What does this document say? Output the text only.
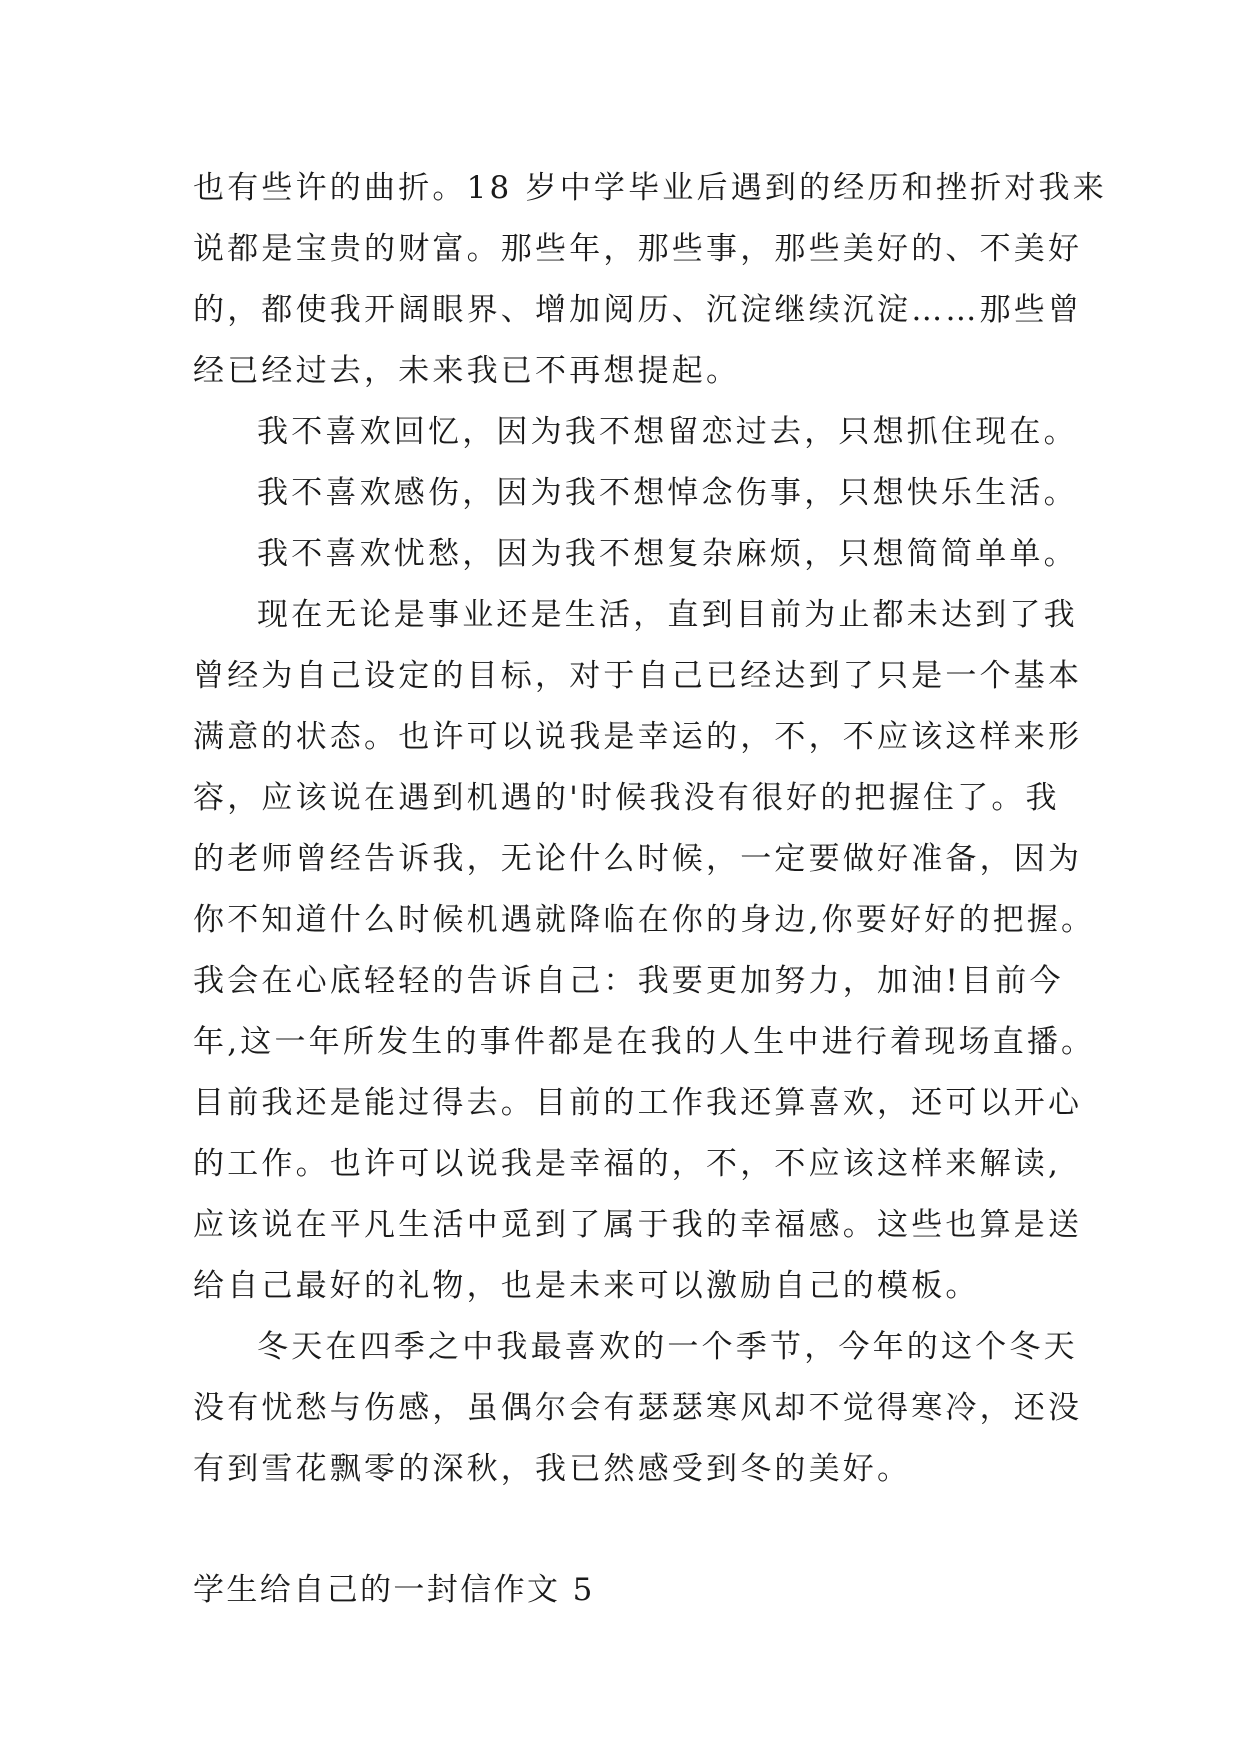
也有些许的曲折。18 岁中学毕业后遇到的经历和挫折对我来
说都是宝贵的财富。那些年，那些事，那些美好的、不美好
的，都使我开阔眼界、增加阅历、沉淀继续沉淀……那些曾
经已经过去，未来我已不再想提起。
我不喜欢回忆，因为我不想留恋过去，只想抓住现在。
我不喜欢感伤，因为我不想悼念伤事，只想快乐生活。
我不喜欢忧愁，因为我不想复杂麻烦，只想简简单单。
现在无论是事业还是生活，直到目前为止都未达到了我
曾经为自己设定的目标，对于自己已经达到了只是一个基本
满意的状态。也许可以说我是幸运的，不，不应该这样来形
容，应该说在遇到机遇的'时候我没有很好的把握住了。我
的老师曾经告诉我，无论什么时候，一定要做好准备，因为
你不知道什么时候机遇就降临在你的身边,你要好好的把握。
我会在心底轻轻的告诉自己：我要更加努力，加油!目前今
年,这一年所发生的事件都是在我的人生中进行着现场直播。
目前我还是能过得去。目前的工作我还算喜欢，还可以开心
的工作。也许可以说我是幸福的，不，不应该这样来解读,
应该说在平凡生活中觅到了属于我的幸福感。这些也算是送
给自己最好的礼物，也是未来可以激励自己的模板。
冬天在四季之中我最喜欢的一个季节，今年的这个冬天
没有忧愁与伤感，虽偶尔会有瑟瑟寒风却不觉得寒冷，还没
有到雪花飘零的深秋，我已然感受到冬的美好。
学生给自己的一封信作文 5
